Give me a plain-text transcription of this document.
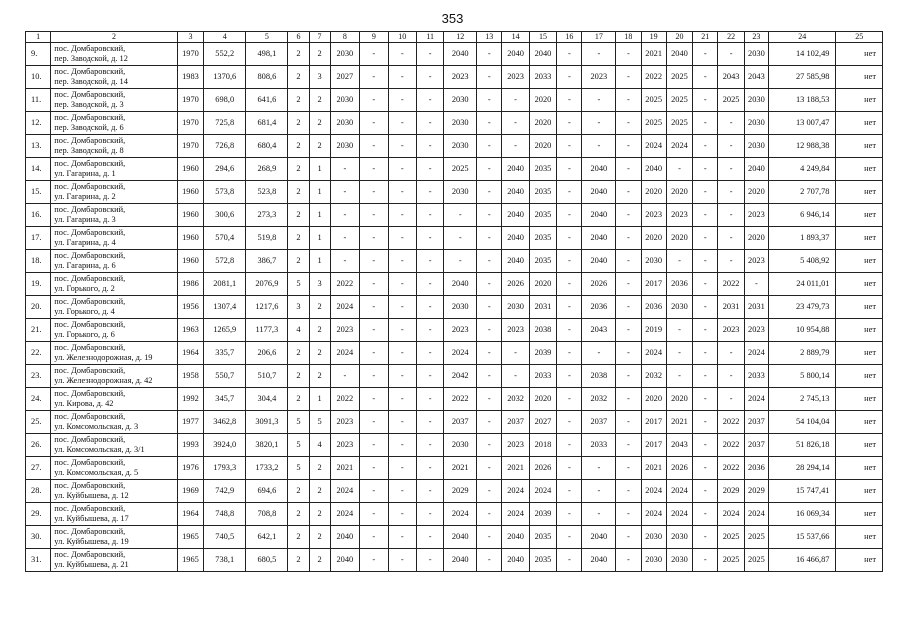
353
1	2	3	4	5	6	7	8	9	10	11	12	13	14	15	16	17	18	19	20	21	22	23	24	25
9.	пос. Домбаровский,
пер. Заводской, д. 12	1970	552,2	498,1	2	2	2030	-	-	-	2040	-	2040	2040	-	-	-	2021	2040	-	-	2030	14 102,49	нет
10.	пос. Домбаровский,
пер. Заводской, д. 14	1983	1370,6	808,6	2	3	2027	-	-	-	2023	-	2023	2033	-	2023	-	2022	2025	-	2043	2043	27 585,98	нет
11.	пос. Домбаровский,
пер. Заводской, д. 3	1970	698,0	641,6	2	2	2030	-	-	-	2030	-	-	2020	-	-	-	2025	2025	-	2025	2030	13 188,53	нет
12.	пос. Домбаровский,
пер. Заводской, д. 6	1970	725,8	681,4	2	2	2030	-	-	-	2030	-	-	2020	-	-	-	2025	2025	-	-	2030	13 007,47	нет
13.	пос. Домбаровский,
пер. Заводской, д. 8	1970	726,8	680,4	2	2	2030	-	-	-	2030	-	-	2020	-	-	-	2024	2024	-	-	2030	12 988,38	нет
14.	пос. Домбаровский,
ул. Гагарина, д. 1	1960	294,6	268,9	2	1	-	-	-	-	2025	-	2040	2035	-	2040	-	2040	-	-	-	2040	4 249,84	нет
15.	пос. Домбаровский,
ул. Гагарина, д. 2	1960	573,8	523,8	2	1	-	-	-	-	2030	-	2040	2035	-	2040	-	2020	2020	-	-	2020	2 707,78	нет
16.	пос. Домбаровский,
ул. Гагарина, д. 3	1960	300,6	273,3	2	1	-	-	-	-	-	-	2040	2035	-	2040	-	2023	2023	-	-	2023	6 946,14	нет
17.	пос. Домбаровский,
ул. Гагарина, д. 4	1960	570,4	519,8	2	1	-	-	-	-	-	-	2040	2035	-	2040	-	2020	2020	-	-	2020	1 893,37	нет
18.	пос. Домбаровский,
ул. Гагарина, д. 6	1960	572,8	386,7	2	1	-	-	-	-	-	-	2040	2035	-	2040	-	2030	-	-	-	2023	5 408,92	нет
19.	пос. Домбаровский,
ул. Горького, д. 2	1986	2081,1	2076,9	5	3	2022	-	-	-	2040	-	2026	2020	-	2026	-	2017	2036	-	2022	-	24 011,01	нет
20.	пос. Домбаровский,
ул. Горького, д. 4	1956	1307,4	1217,6	3	2	2024	-	-	-	2030	-	2030	2031	-	2036	-	2036	2030	-	2031	2031	23 479,73	нет
21.	пос. Домбаровский,
ул. Горького, д. 6	1963	1265,9	1177,3	4	2	2023	-	-	-	2023	-	2023	2038	-	2043	-	2019	-	-	2023	2023	10 954,88	нет
22.	пос. Домбаровский,
ул. Железнодорожная, д. 19	1964	335,7	206,6	2	2	2024	-	-	-	2024	-	-	2039	-	-	-	2024	-	-	-	2024	2 889,79	нет
23.	пос. Домбаровский,
ул. Железнодорожная, д. 42	1958	550,7	510,7	2	2	-	-	-	-	2042	-	-	2033	-	2038	-	2032	-	-	-	2033	5 800,14	нет
24.	пос. Домбаровский,
ул. Кирова, д. 42	1992	345,7	304,4	2	1	2022	-	-	-	2022	-	2032	2020	-	2032	-	2020	2020	-	-	2024	2 745,13	нет
25.	пос. Домбаровский,
ул. Комсомольская, д. 3	1977	3462,8	3091,3	5	5	2023	-	-	-	2037	-	2037	2027	-	2037	-	2017	2021	-	2022	2037	54 104,04	нет
26.	пос. Домбаровский,
ул. Комсомольская, д. 3/1	1993	3924,0	3820,1	5	4	2023	-	-	-	2030	-	2023	2018	-	2033	-	2017	2043	-	2022	2037	51 826,18	нет
27.	пос. Домбаровский,
ул. Комсомольская, д. 5	1976	1793,3	1733,2	5	2	2021	-	-	-	2021	-	2021	2026	-	-	-	2021	2026	-	2022	2036	28 294,14	нет
28.	пос. Домбаровский,
ул. Куйбышева, д. 12	1969	742,9	694,6	2	2	2024	-	-	-	2029	-	2024	2024	-	-	-	2024	2024	-	2029	2029	15 747,41	нет
29.	пос. Домбаровский,
ул. Куйбышева, д. 17	1964	748,8	708,8	2	2	2024	-	-	-	2024	-	2024	2039	-	-	-	2024	2024	-	2024	2024	16 069,34	нет
30.	пос. Домбаровский,
ул. Куйбышева, д. 19	1965	740,5	642,1	2	2	2040	-	-	-	2040	-	2040	2035	-	2040	-	2030	2030	-	2025	2025	15 537,66	нет
31.	пос. Домбаровский,
ул. Куйбышева, д. 21	1965	738,1	680,5	2	2	2040	-	-	-	2040	-	2040	2035	-	2040	-	2030	2030	-	2025	2025	16 466,87	нет
